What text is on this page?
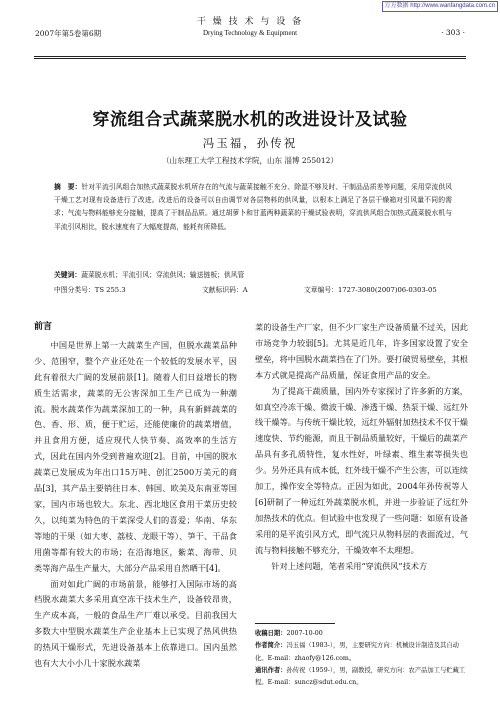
万方数据 http://www.wanfangdata.com.cn
干 燥 技 术 与 设 备
Drying Technology & Equipment
2007年第5卷第6期	· 303 ·
穿流组合式蔬菜脱水机的改进设计及试验
冯玉福，孙传祝
（山东理工大学工程技术学院，山东 淄博 255012）
摘　要：针对平流引风组合加热式蔬菜脱水机所存在的气流与蔬菜接触不充分、除湿不够及时、干制品品质差等问题，采用穿流供风干燥工艺对现有设备进行了改进。改进后的设备可以自由调节对各层物料的供风量，以根本上满足了各层干燥箱对引风量不同的需求；气流与物料能够充分接触，提高了干制品品质。通过胡萝卜和甘蓝两种蔬菜的干燥试验表明，穿流供风组合加热式蔬菜脱水机与平流引风相比，脱水速度有了大幅度提高，能耗有所降低。
关键词：蔬菜脱水机；平流引风；穿流供风；输送链板；供风管
中图分类号：TS 255.3	文献标识码：A	文章编号：1727-3080(2007)06-0303-05
前言

中国是世界上第一大蔬菜生产国，但脱水蔬菜品种少、范围窄，整个产业还处在一个较低的发展水平，因此有着很大广阔的发展前景[1]。随着人们日益增长的物质生活需求，蔬菜的无公害深加工生产已成为一种潮流。脱水蔬菜作为蔬菜深加工的一种，具有新鲜蔬菜的色、香、形、质，便于贮运，还能使廉价的蔬菜增值，并且食用方便，适应现代人快节奏、高效率的生活方式，因此在国内外受到普遍欢迎[2]。目前，中国的脱水蔬菜已发展成为年出口15万吨、创汇2500万美元的商品[3]，其产品主要销往日本、韩国、欧美及东南亚等国家，国内市场也较大。东北、西北地区食用干菜历史较久，以纯菜为特色的干菜深受人们的喜爱；华南、华东等地的干果（如大枣、荔枝、龙眼干等）、笋干、干品食用菌等都有较大的市场；在沿海地区，紫菜、海带、贝类等海产品生产量大，大部分产品采用自然晒干[4]。

面对如此广阔的市场前景，能够打入国际市场的高档脱水蔬菜大多采用真空冻干技术生产，设备较昂贵，生产成本高，一般的食品生产厂难以承受。目前我国大多数大中型脱水蔬菜生产企业基本上已实现了热风供热的热风干燥形式，先进设备基本上依靠进口。国内虽然也有大大小小几十家脱水蔬菜

菜的设备生产厂家，但不少厂家生产设备质量不过关，因此市场竞争力较弱[5]。尤其是近几年，许多国家设置了安全壁垒，将中国脱水蔬菜挡在了门外。要打破贸易壁垒，其根本方式就是提高产品质量，保证食用产品的安全。

为了提高干蔬质量，国内外专家探讨了许多新的方案，如真空冷冻干燥、微波干燥、渗透干燥、热泵干燥、远红外线干燥等。与传统干燥比较，远红外辐射加热技术不仅干燥速度快、节约能源，而且干制品质量较好，干燥后的蔬菜产品具有多孔质特性，复水性好，叶绿素、维生素等损失也少。另外还具有成本低，红外线干燥不产生公害，可以连续加工，操作安全等特点。正因为如此，2004年孙传祝等人[6]研制了一种远红外蔬菜脱水机，并进一步验证了远红外加热技术的优点。但试验中也发现了一些问题：如原有设备采用的是平流引风方式，即气流只从物料层的表面流过，气流与物料接触不够充分，干燥效率不太理想。

针对上述问题，笔者采用“穿流供风”技术方

收稿日期：2007-10-00
作者简介：冯玉福（1983-），男，主要研究方向：机械设计制造及其自动化。E-mail：zhaofy@126.com。
通讯作者：孙传祝（1959-），男，副教授，研究方向：农产品加工与贮藏工程。E-mail：suncz@sdut.edu.cn。
